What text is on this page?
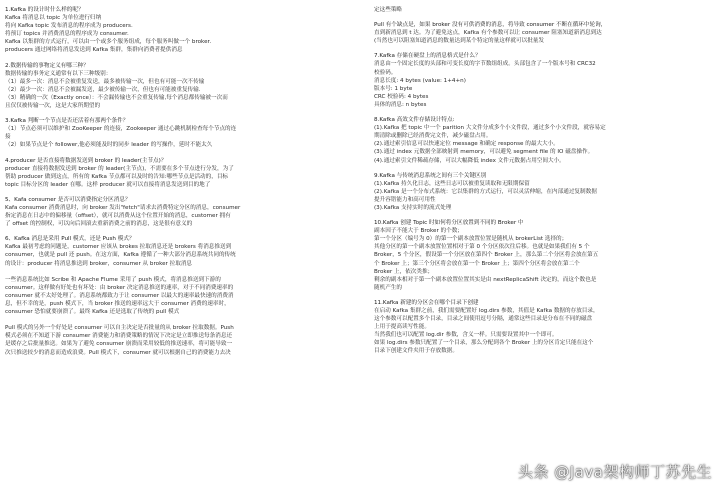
1.Kafka 的设计时什么样的呢？

Kafka 将消息以 topic 为单位进行归纳

将向 Kafka topic 发布消息的程序成为 producers.

将预订 topics 并消费消息的程序成为 consumer.

Kafka 以集群的方式运行，可以由一个或多个服务组成，每个服务叫做一个 broker.

producers 通过网络将消息发送到 Kafka 集群，集群向消费者提供消息

2.数据传输的事物定义有哪三种？

数据传输的事务定义通常有以下三种级别：

（1）最多一次：消息不会被重复发送，最多被传输一次，但也有可能一次不传输

（2）最少一次：消息不会被漏发送，最少被传输一次，但也有可能被重复传输.

（3）精确的一次（Exactly once）：不会漏传输也不会重复传输,每个消息都传输被一次而

且仅仅被传输一次，这是大家所期望的

3.Kafka 判断一个节点是否还活着有那两个条件？

（1）节点必须可以维护和 ZooKeeper 的连接，Zookeeper 通过心跳机制检查每个节点的连

接

（2）如果节点是个 follower,他必须能及时的同步 leader 的写操作，延时不能太久

4.producer 是否直接将数据发送到 broker 的 leader(主节点)？

producer 直接将数据发送到 broker 的 leader(主节点)，不需要在多个节点进行分发，为了

帮助 producer 做到这点，所有的 Kafka 节点都可以及时的告知:哪些节点是活动的，目标

topic 目标分区的 leader 在哪。这样 producer 就可以直接将消息发送到目的地了

5、Kafa consumer 是否可以消费指定分区消息？

Kafa consumer 消费消息时，向 broker 发出"fetch"请求去消费特定分区的消息，consumer

指定消息在日志中的偏移量（offset），就可以消费从这个位置开始的消息，customer 拥有

了 offset 的控制权，可以向后回滚去重新消费之前的消息，这是很有意义的

6、Kafka 消息是采用 Pull 模式，还是 Push 模式？

Kafka 最初考虑的问题是，customer 应该从 brokes 拉取消息还是 brokers 将消息推送到

consumer，也就是 pull 还 push。在这方面，Kafka 遵循了一种大部分消息系统共同的传统

的设计：producer 将消息推送到 broker，consumer 从 broker 拉取消息

一些消息系统比如 Scribe 和 Apache Flume 采用了 push 模式，将消息推送到下游的

consumer。这样做有好处也有坏处：由 broker 决定消息推送的速率，对于不同消费速率的

consumer 就不太好处理了。消息系统都致力于让 consumer 以最大的速率最快速的消费消

息，但不幸的是，push 模式下，当 broker 推送的速率远大于 consumer 消费的速率时，

consumer 恐怕就要崩溃了。最终 Kafka 还是选取了传统的 pull 模式

Pull 模式的另外一个好处是 consumer 可以自主决定是否批量的从 broker 拉取数据。Push

模式必须在不知道下游 consumer 消费能力和消费策略的情况下决定是立即推送每条消息还

是缓存之后批量推送。如果为了避免 consumer 崩溃而采用较低的推送速率，将可能导致一

次只推送较少的消息而造成浪费。Pull 模式下，consumer 就可以根据自己的消费能力去决

定这些策略

Pull 有个缺点是，如果 broker 没有可供消费的消息，将导致 consumer 不断在循环中轮询，

直到新消息到 t 达。为了避免这点，Kafka 有个参数可以让 consumer 阻塞知道新消息到达

(当然也可以阻塞知道消息的数量达到某个特定的量这样就可以批量发

7.Kafka 存储在硬盘上的消息格式是什么？

消息由一个固定长度的头部和可变长度的字节数组组成。头部包含了一个版本号和 CRC32

校验码。

消息长度: 4 bytes (value: 1+4+n)

版本号: 1 byte

CRC 校验码: 4 bytes

具体的消息: n bytes

8.Kafka 高效文件存储设计特点:

(1).Kafka 把 topic 中一个 parition 大文件分成多个小文件段，通过多个小文件段，就容易定

期清除或删除已经消费完文件，减少磁盘占用。

(2).通过索引信息可以快速定位 message 和确定 response 的最大大小。

(3).通过 index 元数据全部映射到 memory，可以避免 segment file 的 IO 磁盘操作。

(4).通过索引文件稀疏存储，可以大幅降低 index 文件元数据占用空间大小。

9.Kafka 与传统消息系统之间有三个关键区别

(1).Kafka 持久化日志，这些日志可以被重复读取和无限期保留

(2).Kafka 是一个分布式系统：它以集群的方式运行，可以灵活伸缩，在内部通过复制数据

提升容错能力和高可用性

(3).Kafka 支持实时的流式处理

10.Kafka 创建 Topic 时如何将分区放置到不同的 Broker 中

副本因子不能大于 Broker 的个数；

第一个分区（编号为 0）的第一个副本放置位置是随机从 brokerList 选择的；

其他分区的第一个副本放置位置相对于第 0 个分区依次往后移。也就是如果我们有 5 个

Broker，5 个分区，假设第一个分区放在第四个 Broker 上，那么第二个分区将会放在第五

个 Broker 上；第三个分区将会放在第一个 Broker 上；第四个分区将会放在第二个

Broker 上，依次类推；

剩余的副本相对于第一个副本放置位置其实是由 nextReplicaShift 决定的，而这个数也是

随机产生的

11.Kafka 新建的分区会在哪个目录下创建

在启动 Kafka 集群之前，我们需要配置好 log.dirs 参数，其值是 Kafka 数据的存放目录，

这个参数可以配置多个目录，目录之间使用逗号分隔，通常这些目录是分布在不同的磁盘

上用于提高读写性能。

当然我们也可以配置 log.dir 参数，含义一样。只需要设置其中一个即可。

如果 log.dirs 参数只配置了一个目录，那么分配到各个 Broker 上的分区肯定只能在这个

目录下创建文件夹用于存放数据。

头条 @Java架构师丁苏先生
